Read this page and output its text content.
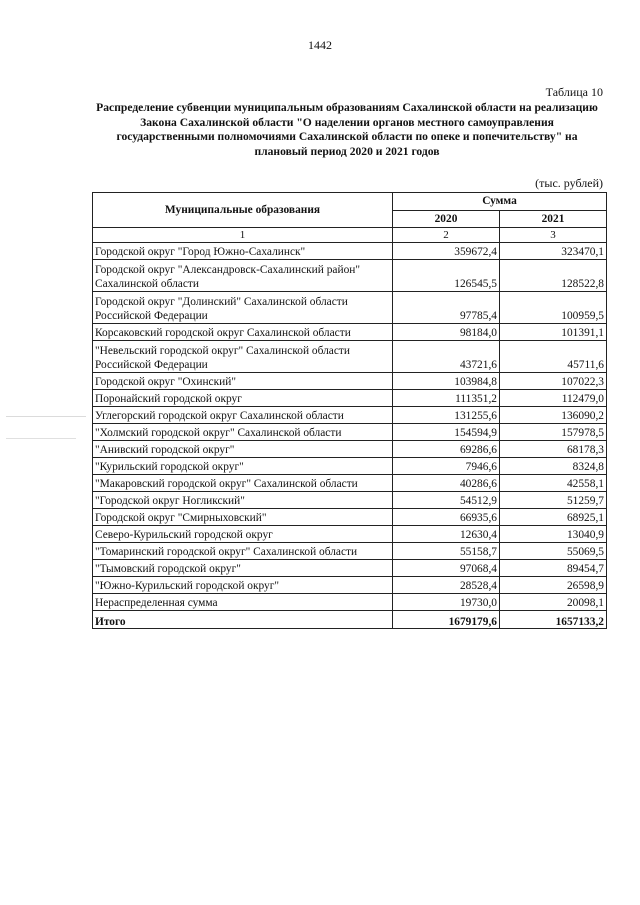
1442
Таблица 10
Распределение субвенции муниципальным образованиям Сахалинской области на реализацию Закона Сахалинской области "О наделении органов местного самоуправления государственными полномочиями Сахалинской области по опеке и попечительству" на плановый период 2020 и 2021 годов
(тыс. рублей)
Муниципальные образования	Сумма	
	2020	2021
1	2	3
Городской округ "Город Южно-Сахалинск"	359672,4	323470,1
Городской округ "Александровск-Сахалинский район" Сахалинской области	126545,5	128522,8
Городской округ "Долинский" Сахалинской области Российской Федерации	97785,4	100959,5
Корсаковский городской округ Сахалинской области	98184,0	101391,1
"Невельский городской округ" Сахалинской области Российской Федерации	43721,6	45711,6
Городской округ "Охинский"	103984,8	107022,3
Поронайский городской округ	111351,2	112479,0
Углегорский городской округ Сахалинской области	131255,6	136090,2
"Холмский городской округ" Сахалинской области	154594,9	157978,5
"Анивский городской округ"	69286,6	68178,3
"Курильский городской округ"	7946,6	8324,8
"Макаровский городской округ" Сахалинской области	40286,6	42558,1
"Городской округ Ногликский"	54512,9	51259,7
Городской округ "Смирныховский"	66935,6	68925,1
Северо-Курильский городской округ	12630,4	13040,9
"Томаринский городской округ" Сахалинской области	55158,7	55069,5
"Тымовский городской округ"	97068,4	89454,7
"Южно-Курильский городской округ"	28528,4	26598,9
Нераспределенная сумма	19730,0	20098,1
Итого	1679179,6	1657133,2
